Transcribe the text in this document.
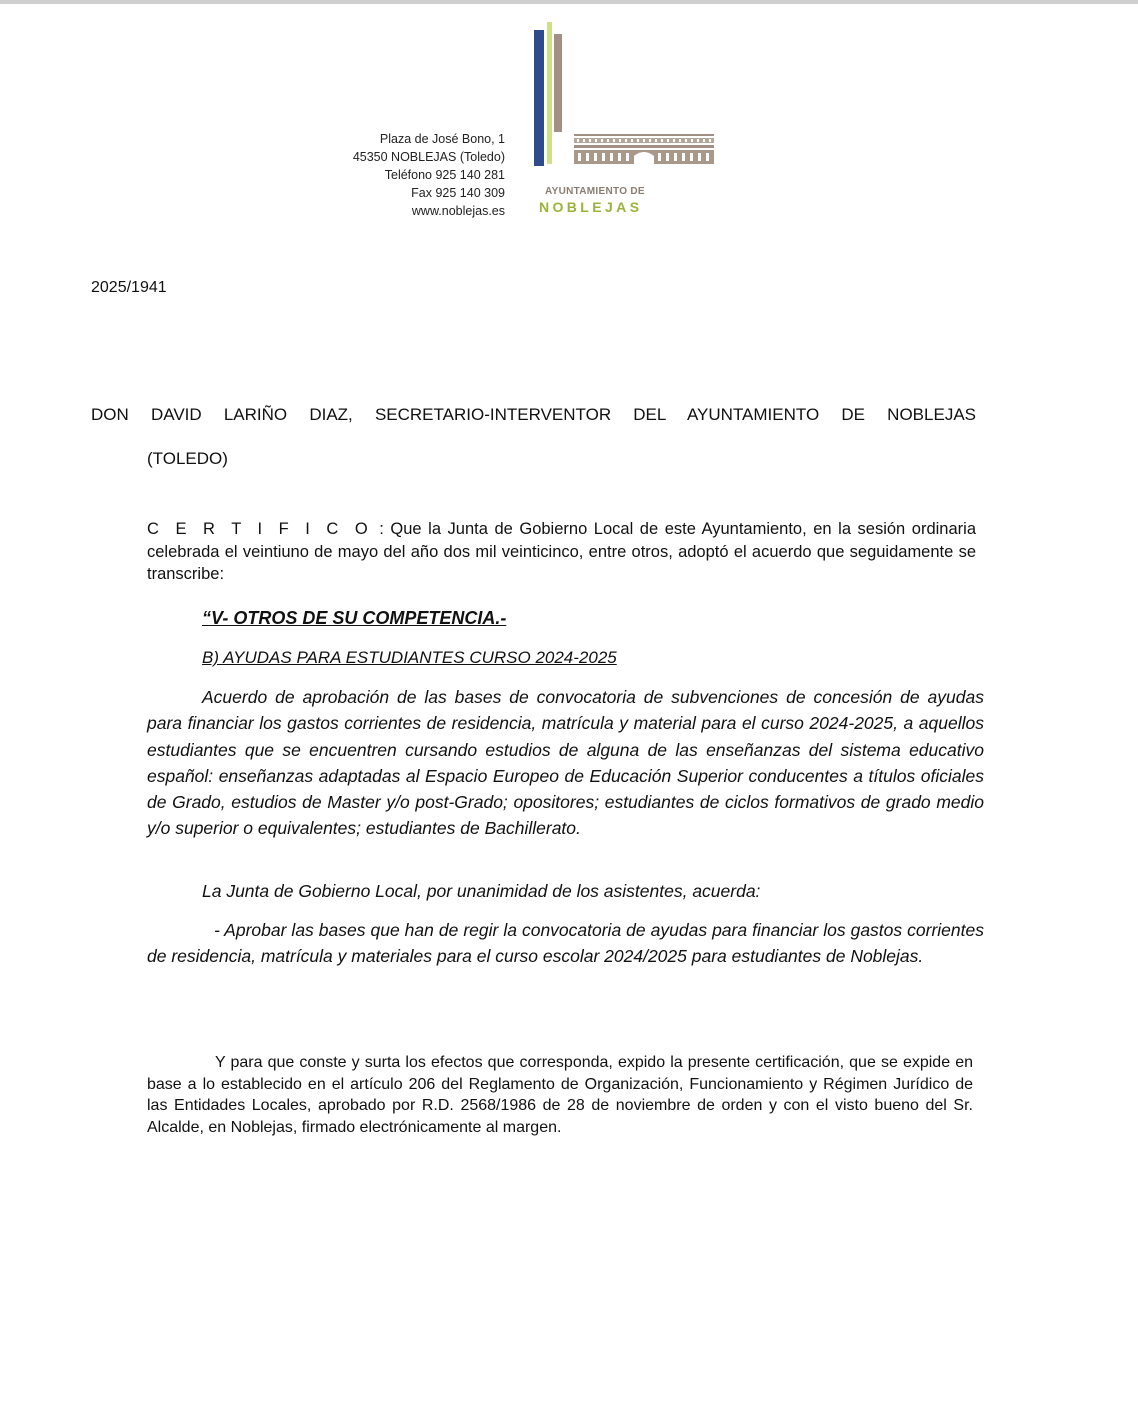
Plaza de José Bono, 1
45350 NOBLEJAS (Toledo)
Teléfono 925 140 281
Fax 925 140 309
www.noblejas.es
AYUNTAMIENTO DE
NOBLEJAS
2025/1941
DON DAVID LARIÑO DIAZ, SECRETARIO-INTERVENTOR DEL AYUNTAMIENTO DE NOBLEJAS
(TOLEDO)
C E R T I F I C O : Que la Junta de Gobierno Local de este Ayuntamiento, en la sesión ordinaria celebrada el veintiuno de mayo del año dos mil veinticinco, entre otros, adoptó el acuerdo que seguidamente se transcribe:
“V- OTROS DE SU COMPETENCIA.-
B) AYUDAS PARA ESTUDIANTES CURSO 2024-2025
Acuerdo de aprobación de las bases de convocatoria de subvenciones de concesión de ayudas para financiar los gastos corrientes de residencia, matrícula y material para el curso 2024-2025, a aquellos estudiantes que se encuentren cursando estudios de alguna de las enseñanzas del sistema educativo español: enseñanzas adaptadas al Espacio Europeo de Educación Superior conducentes a títulos oficiales de Grado, estudios de Master y/o post-Grado; opositores; estudiantes de ciclos formativos de grado medio y/o superior o equivalentes; estudiantes de Bachillerato.
La Junta de Gobierno Local, por unanimidad de los asistentes, acuerda:
- Aprobar las bases que han de regir la convocatoria de ayudas para financiar los gastos corrientes de residencia, matrícula y materiales para el curso escolar 2024/2025 para estudiantes de Noblejas.
Y para que conste y surta los efectos que corresponda, expido la presente certificación, que se expide en base a lo establecido en el artículo 206 del Reglamento de Organización, Funcionamiento y Régimen Jurídico de las Entidades Locales, aprobado por R.D. 2568/1986 de 28 de noviembre de orden y con el visto bueno del Sr. Alcalde, en Noblejas, firmado electrónicamente al margen.
